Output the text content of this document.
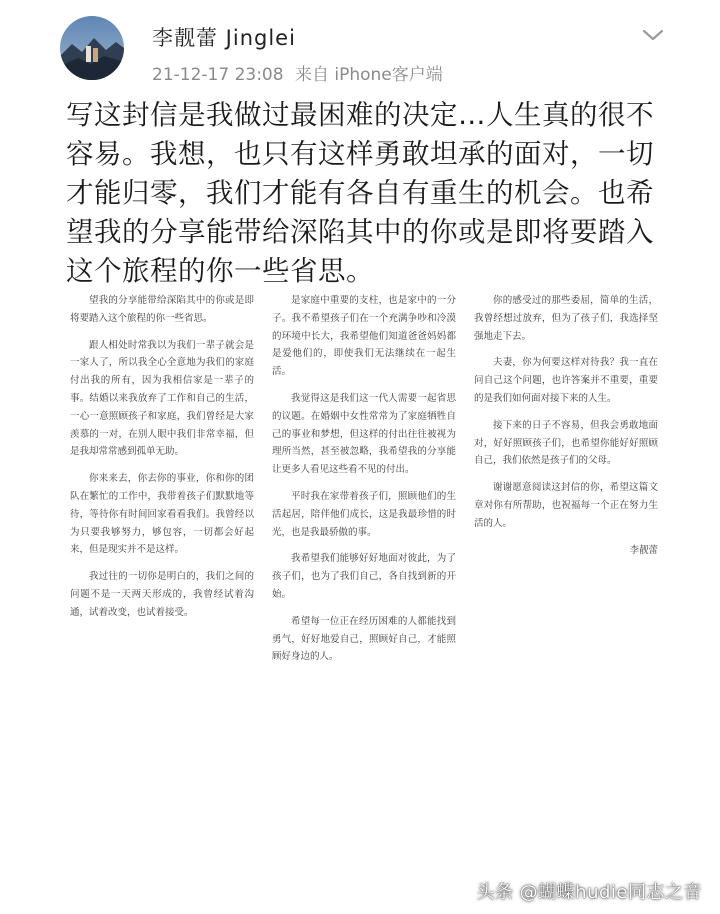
李靓蕾 Jinglei
21-12-17 23:08 来自 iPhone客户端
写这封信是我做过最困难的决定…人生真的很不容易。我想，也只有这样勇敢坦承的面对，一切才能归零，我们才能有各自有重生的机会。也希望我的分享能带给深陷其中的你或是即将要踏入这个旅程的你一些省思。

望我的分享能带给深陷其中的你或是即将要踏入这个旅程的你一些省思。

跟人相处时常我以为我们一辈子就会是一家人了，所以我全心全意地为我们的家庭付出我的所有，因为我相信家是一辈子的事。结婚以来我放弃了工作和自己的生活，一心一意照顾孩子和家庭，我们曾经是大家羡慕的一对，在别人眼中我们非常幸福，但是我却常常感到孤单无助。

你来来去，你去你的事业，你和你的团队在繁忙的工作中，我带着孩子们默默地等待，等待你有时间回家看看我们。我曾经以为只要我够努力，够包容，一切都会好起来，但是现实并不是这样。

我过往的一切你是明白的，我们之间的问题不是一天两天形成的，我曾经试着沟通，试着改变，也试着接受。

是家庭中重要的支柱，也是家中的一分子。我不希望孩子们在一个充满争吵和冷漠的环境中长大，我希望他们知道爸爸妈妈都是爱他们的，即使我们无法继续在一起生活。

我觉得这是我们这一代人需要一起省思的议题。在婚姻中女性常常为了家庭牺牲自己的事业和梦想，但这样的付出往往被视为理所当然，甚至被忽略，我希望我的分享能让更多人看见这些看不见的付出。

平时我在家带着孩子们，照顾他们的生活起居，陪伴他们成长，这是我最珍惜的时光，也是我最骄傲的事。

我希望我们能够好好地面对彼此，为了孩子们，也为了我们自己，各自找到新的开始。

希望每一位正在经历困难的人都能找到勇气，好好地爱自己，照顾好自己，才能照顾好身边的人。

你的感受过的那些委屈，简单的生活，我曾经想过放弃，但为了孩子们，我选择坚强地走下去。

夫妻，你为何要这样对待我？我一直在问自己这个问题，也许答案并不重要，重要的是我们如何面对接下来的人生。

接下来的日子不容易，但我会勇敢地面对，好好照顾孩子们，也希望你能好好照顾自己，我们依然是孩子们的父母。

谢谢愿意阅读这封信的你，希望这篇文章对你有所帮助，也祝福每一个正在努力生活的人。

李靓蕾
头条 @蝴蝶hudie同志之音
